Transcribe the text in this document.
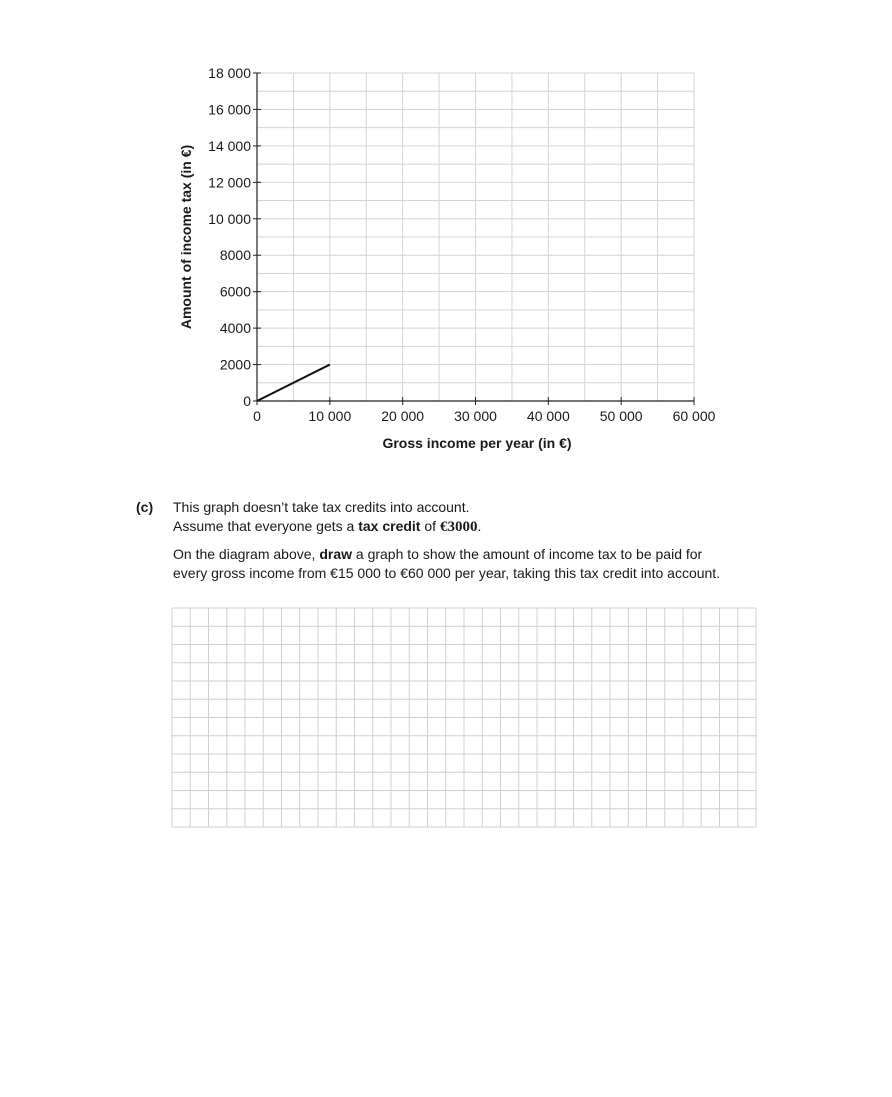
0	10 000 20 000 30 000 40 000 50 000 60 000
0
2000
4000
6000
8000
10 000
12 000
14 000
16 000
18 000
Gross income per year (in €)
Amount of income tax (in €)
(c) This graph doesn’t take tax credits into account.

Assume that everyone gets a tax credit of €3000.

On the diagram above, draw a graph to show the amount of income tax to be paid for every gross income from €15 000 to €60 000 per year, taking this tax credit into account.
